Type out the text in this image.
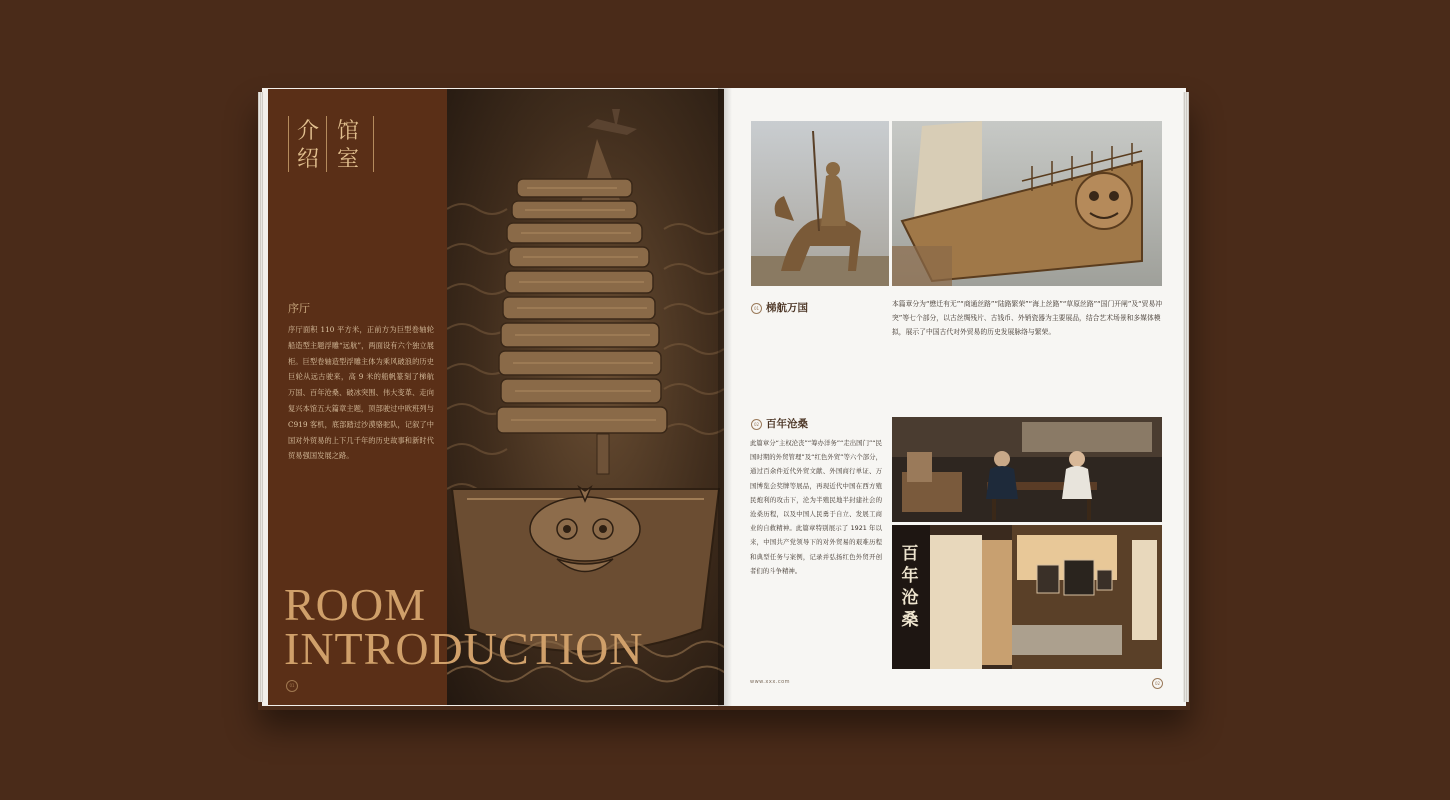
介
绍
馆
室
序厅
序厅面积 110 平方米，正前方为巨型卷轴轮船造型主题浮雕“远航”，两面设有六个独立展柜。巨型卷轴造型浮雕主体为乘风破浪的历史巨轮从远古驶来，高 9 米的船帆篆刻了梯航万国、百年沧桑、破冰突围、伟大变革、走向复兴本馆五大篇章主题，顶部驶过中欧班列与 C919 客机，底部踏过沙漠骆驼队，记叙了中国对外贸易的上下几千年的历史故事和新时代贸易强国发展之路。
ROOM
INTRODUCTION
01
01 梯航万国	本篇章分为“懋迁有无”“商通丝路”“陆路繁荣”“海上丝路”“草原丝路”“国门开闸”及“贸易冲突”等七个部分，以古丝绸残片、古钱币、外销瓷器为主要展品，结合艺术场景和多媒体模拟，展示了中国古代对外贸易的历史发展脉络与繁荣。
02 百年沧桑
此篇章分“主权沦丧”“筹办洋务”“走出国门”“民国时期的外贸管理”及“红色外贸”等六个部分，通过百余件近代外贸文献、外国商行单证、万国博览会奖牌等展品，再现近代中国在西方殖民炮利的攻击下，沦为半殖民地半封建社会的沧桑历程，以及中国人民勇于自立、发展工商业的自救精神。此篇章特别展示了 1921 年以来，中国共产党领导下的对外贸易的艰难历程和典型任务与案例，记录并弘扬红色外贸开创者们的斗争精神。
百年沧桑
www.xxx.com	02
